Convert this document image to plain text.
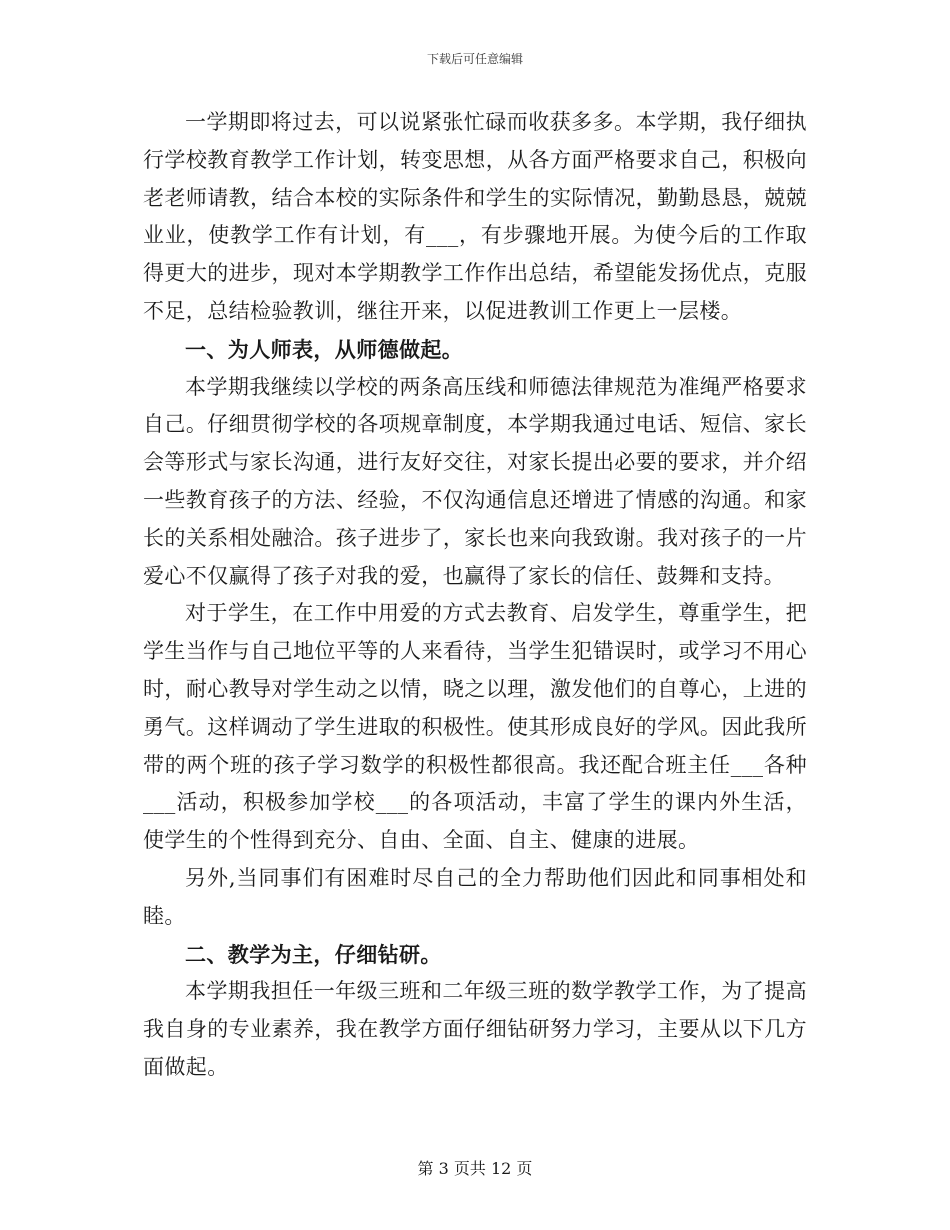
下载后可任意编辑

一学期即将过去，可以说紧张忙碌而收获多多。本学期，我仔细执行学校教育教学工作计划，转变思想，从各方面严格要求自己，积极向老老师请教，结合本校的实际条件和学生的实际情况，勤勤恳恳，兢兢业业，使教学工作有计划，有___，有步骤地开展。为使今后的工作取得更大的进步，现对本学期教学工作作出总结，希望能发扬优点，克服不足，总结检验教训，继往开来，以促进教训工作更上一层楼。

一、为人师表，从师德做起。

本学期我继续以学校的两条高压线和师德法律规范为准绳严格要求自己。仔细贯彻学校的各项规章制度，本学期我通过电话、短信、家长会等形式与家长沟通，进行友好交往，对家长提出必要的要求，并介绍一些教育孩子的方法、经验，不仅沟通信息还增进了情感的沟通。和家长的关系相处融洽。孩子进步了，家长也来向我致谢。我对孩子的一片爱心不仅赢得了孩子对我的爱，也赢得了家长的信任、鼓舞和支持。

对于学生，在工作中用爱的方式去教育、启发学生，尊重学生，把学生当作与自己地位平等的人来看待，当学生犯错误时，或学习不用心时，耐心教导对学生动之以情，晓之以理，激发他们的自尊心，上进的勇气。这样调动了学生进取的积极性。使其形成良好的学风。因此我所带的两个班的孩子学习数学的积极性都很高。我还配合班主任___各种___活动，积极参加学校___的各项活动，丰富了学生的课内外生活，使学生的个性得到充分、自由、全面、自主、健康的进展。

另外,当同事们有困难时尽自己的全力帮助他们因此和同事相处和睦。

二、教学为主，仔细钻研。

本学期我担任一年级三班和二年级三班的数学教学工作，为了提高我自身的专业素养，我在教学方面仔细钻研努力学习，主要从以下几方面做起。

第 3 页共 12 页
